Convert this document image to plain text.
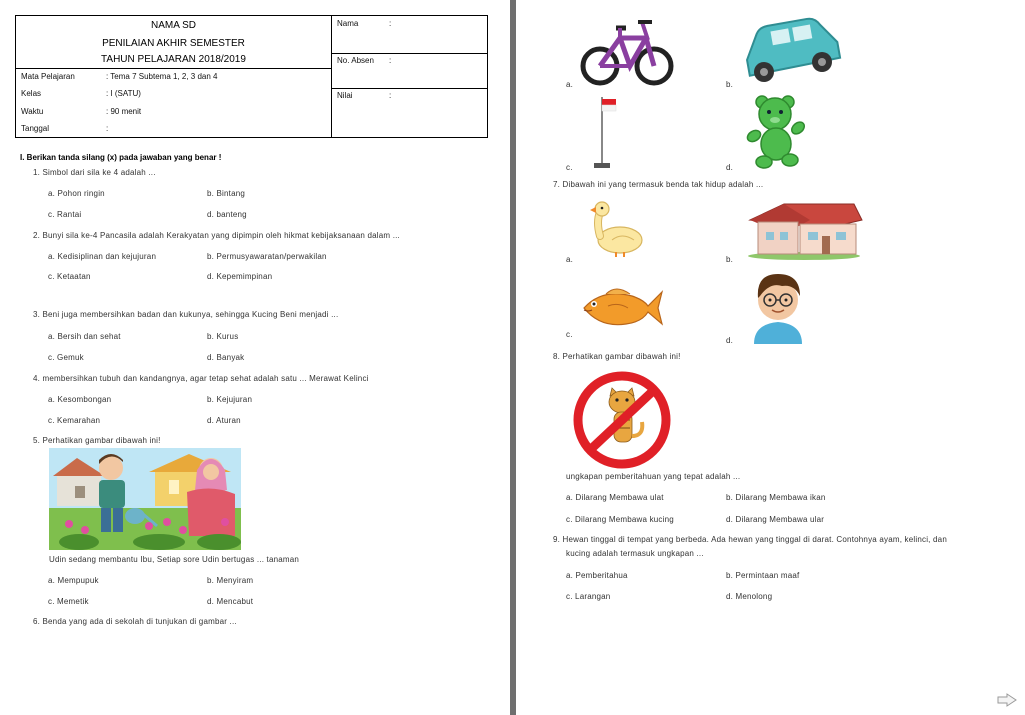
NAMA SD
PENILAIAN AKHIR SEMESTER
TAHUN PELAJARAN 2018/2019
Mata Pelajaran	: Tema 7 Subtema 1, 2, 3 dan 4
Kelas	: I (SATU)
Waktu	: 90 menit
Tanggal	:
Nama	:
No. Absen :
Nilai	:
I. Berikan tanda silang (x) pada jawaban yang benar !
1. Simbol dari sila ke 4 adalah ...
a. Pohon ringin	b. Bintang
c. Rantai	d. banteng
2. Bunyi sila ke-4 Pancasila adalah Kerakyatan yang dipimpin oleh hikmat kebijaksanaan dalam ...
a. Kedisiplinan dan kejujuran	b. Permusyawaratan/perwakilan
c. Ketaatan	d. Kepemimpinan
3. Beni juga membersihkan badan dan kukunya, sehingga Kucing Beni menjadi ...
a. Bersih dan sehat	b. Kurus
c. Gemuk	d. Banyak
4. membersihkan tubuh dan kandangnya, agar tetap sehat adalah satu ... Merawat Kelinci
a. Kesombongan	b. Kejujuran
c. Kemarahan	d. Aturan
5. Perhatikan gambar dibawah ini!
Udin sedang membantu Ibu, Setiap sore Udin bertugas ... tanaman
a. Mempupuk	b. Menyiram
c. Memetik	d. Mencabut
6. Benda yang ada di sekolah di tunjukan di gambar ...
a.	b.
c.	d.
7. Dibawah ini yang termasuk benda tak hidup adalah ...
a.	b.
c.
d.
8. Perhatikan gambar dibawah ini!
ungkapan pemberitahuan yang tepat adalah ...
a. Dilarang Membawa ulat	b. Dilarang Membawa ikan
c. Dilarang Membawa kucing	d. Dilarang Membawa ular
9. Hewan tinggal di tempat yang berbeda. Ada hewan yang tinggal di darat. Contohnya ayam, kelinci, dan
kucing adalah termasuk ungkapan ...
a. Pemberitahua	b. Permintaan maaf
c. Larangan	d. Menolong
